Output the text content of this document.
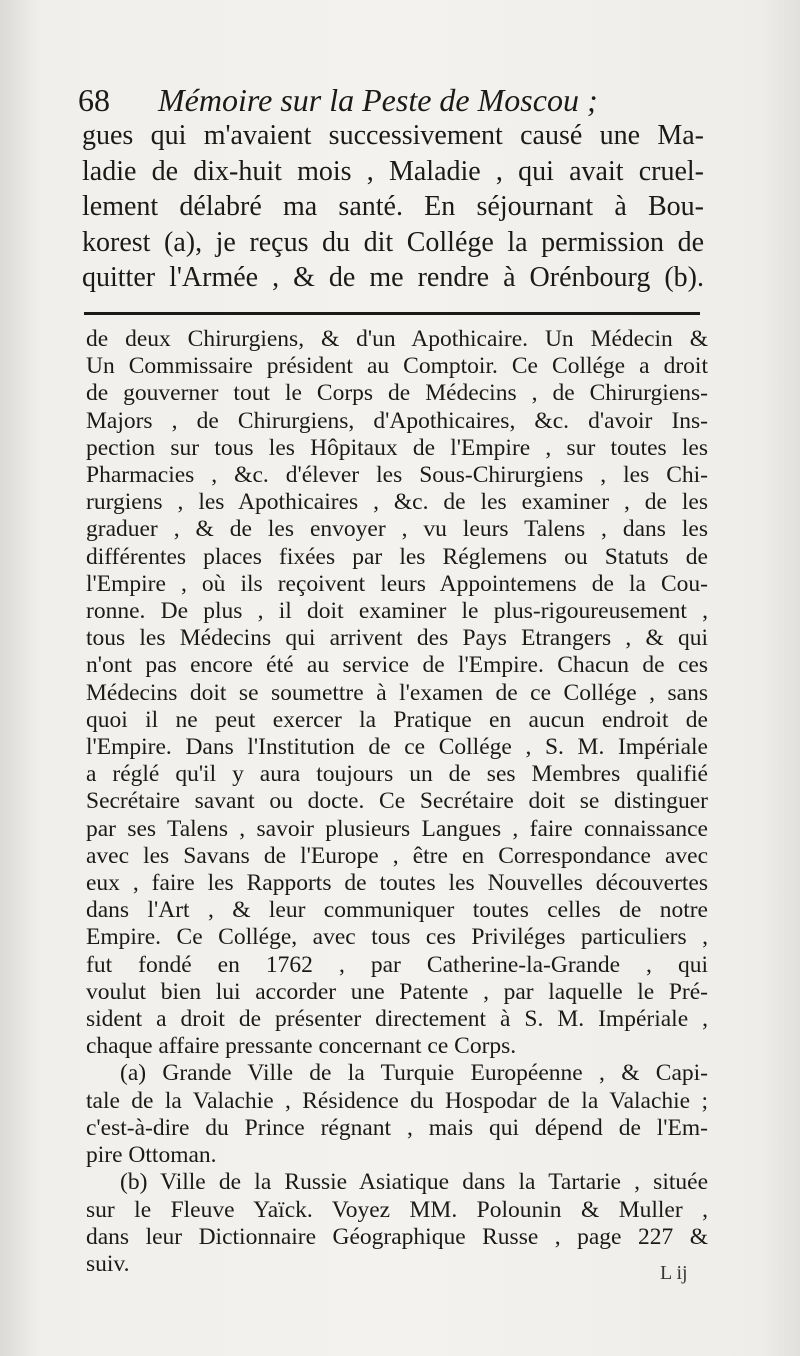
68 Mémoire sur la Peste de Moscou ;
gues qui m'avaient successivement causé une Ma-
ladie de dix-huit mois , Maladie , qui avait cruel-
lement délabré ma santé. En séjournant à Bou-
korest (a), je reçus du dit Collége la permission de
quitter l'Armée , & de me rendre à Orénbourg (b).
de deux Chirurgiens, & d'un Apothicaire. Un Médecin &
Un Commissaire président au Comptoir. Ce Collége a droit
de gouverner tout le Corps de Médecins , de Chirurgiens-
Majors , de Chirurgiens, d'Apothicaires, &c. d'avoir Ins-
pection sur tous les Hôpitaux de l'Empire , sur toutes les
Pharmacies , &c. d'élever les Sous-Chirurgiens , les Chi-
rurgiens , les Apothicaires , &c. de les examiner , de les
graduer , & de les envoyer , vu leurs Talens , dans les
différentes places fixées par les Réglemens ou Statuts de
l'Empire , où ils reçoivent leurs Appointemens de la Cou-
ronne. De plus , il doit examiner le plus-rigoureusement ,
tous les Médecins qui arrivent des Pays Etrangers , & qui
n'ont pas encore été au service de l'Empire. Chacun de ces
Médecins doit se soumettre à l'examen de ce Collége , sans
quoi il ne peut exercer la Pratique en aucun endroit de
l'Empire. Dans l'Institution de ce Collége , S. M. Impériale
a réglé qu'il y aura toujours un de ses Membres qualifié
Secrétaire savant ou docte. Ce Secrétaire doit se distinguer
par ses Talens , savoir plusieurs Langues , faire connaissance
avec les Savans de l'Europe , être en Correspondance avec
eux , faire les Rapports de toutes les Nouvelles découvertes
dans l'Art , & leur communiquer toutes celles de notre
Empire. Ce Collége, avec tous ces Priviléges particuliers ,
fut fondé en 1762 , par Catherine-la-Grande , qui
voulut bien lui accorder une Patente , par laquelle le Pré-
sident a droit de présenter directement à S. M. Impériale ,
chaque affaire pressante concernant ce Corps.
(a) Grande Ville de la Turquie Européenne , & Capi-
tale de la Valachie , Résidence du Hospodar de la Valachie ;
c'est-à-dire du Prince régnant , mais qui dépend de l'Em-
pire Ottoman.
(b) Ville de la Russie Asiatique dans la Tartarie , située
sur le Fleuve Yaïck. Voyez MM. Polounin & Muller ,
dans leur Dictionnaire Géographique Russe , page 227 &
suiv.	L ij
